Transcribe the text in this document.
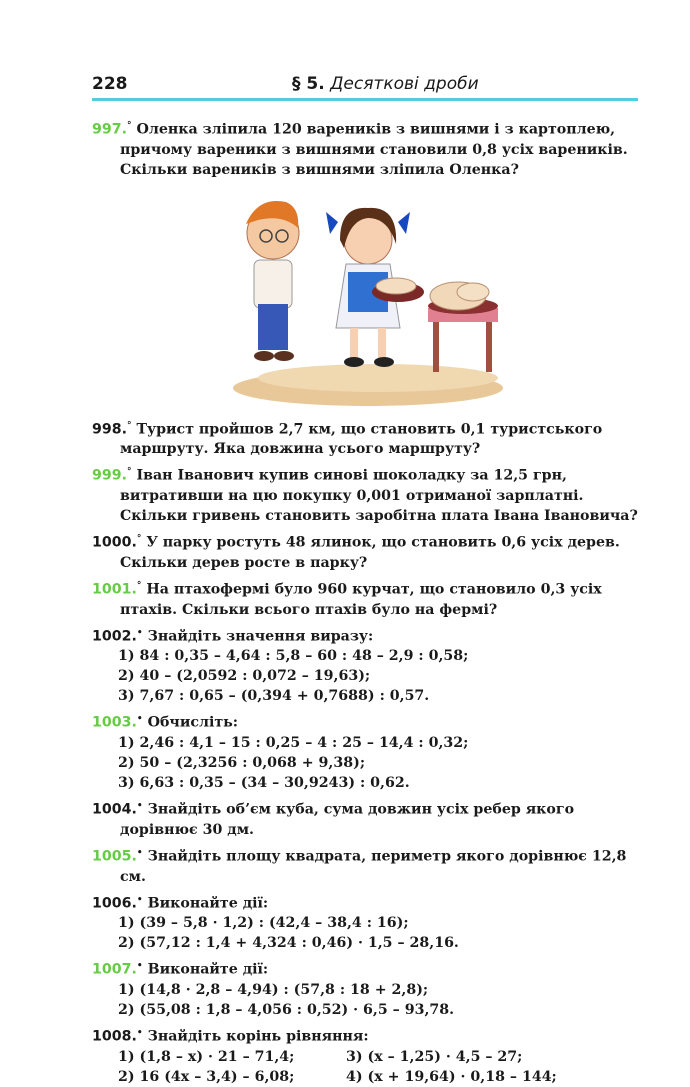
228	§ 5. Десяткові дроби

997.° Оленка зліпила 120 вареників з вишнями і з картоплею, причому вареники з вишнями становили 0,8 усіх вареників. Скільки вареників з вишнями зліпила Оленка?

998.° Турист пройшов 2,7 км, що становить 0,1 туристського маршруту. Яка довжина усього маршруту?

999.° Іван Іванович купив синові шоколадку за 12,5 грн, витративши на цю покупку 0,001 отриманої зарплатні. Скільки гривень становить заробітна плата Івана Івановича?

1000.° У парку ростуть 48 ялинок, що становить 0,6 усіх дерев. Скільки дерев росте в парку?

1001.° На птахофермі було 960 курчат, що становило 0,3 усіх птахів. Скільки всього птахів було на фермі?

1002.• Знайдіть значення виразу:

1) 84 : 0,35 – 4,64 : 5,8 – 60 : 48 – 2,9 : 0,58;

2) 40 – (2,0592 : 0,072 – 19,63);

3) 7,67 : 0,65 – (0,394 + 0,7688) : 0,57.

1003.• Обчисліть:

1) 2,46 : 4,1 – 15 : 0,25 – 4 : 25 – 14,4 : 0,32;

2) 50 – (2,3256 : 0,068 + 9,38);

3) 6,63 : 0,35 – (34 – 30,9243) : 0,62.

1004.• Знайдіть об’єм куба, сума довжин усіх ребер якого дорівнює 30 дм.

1005.• Знайдіть площу квадрата, периметр якого дорівнює 12,8 см.

1006.• Виконайте дії:

1) (39 – 5,8 · 1,2) : (42,4 – 38,4 : 16);

2) (57,12 : 1,4 + 4,324 : 0,46) · 1,5 – 28,16.

1007.• Виконайте дії:

1) (14,8 · 2,8 – 4,94) : (57,8 : 18 + 2,8);

2) (55,08 : 1,8 – 4,056 : 0,52) · 6,5 – 93,78.

1008.• Знайдіть корінь рівняння:

1) (1,8 – x) · 21 – 71,4;

2) 16 (4x – 3,4) – 6,08;

3) (x – 1,25) · 4,5 – 27;

4) (x + 19,64) · 0,18 – 144;
